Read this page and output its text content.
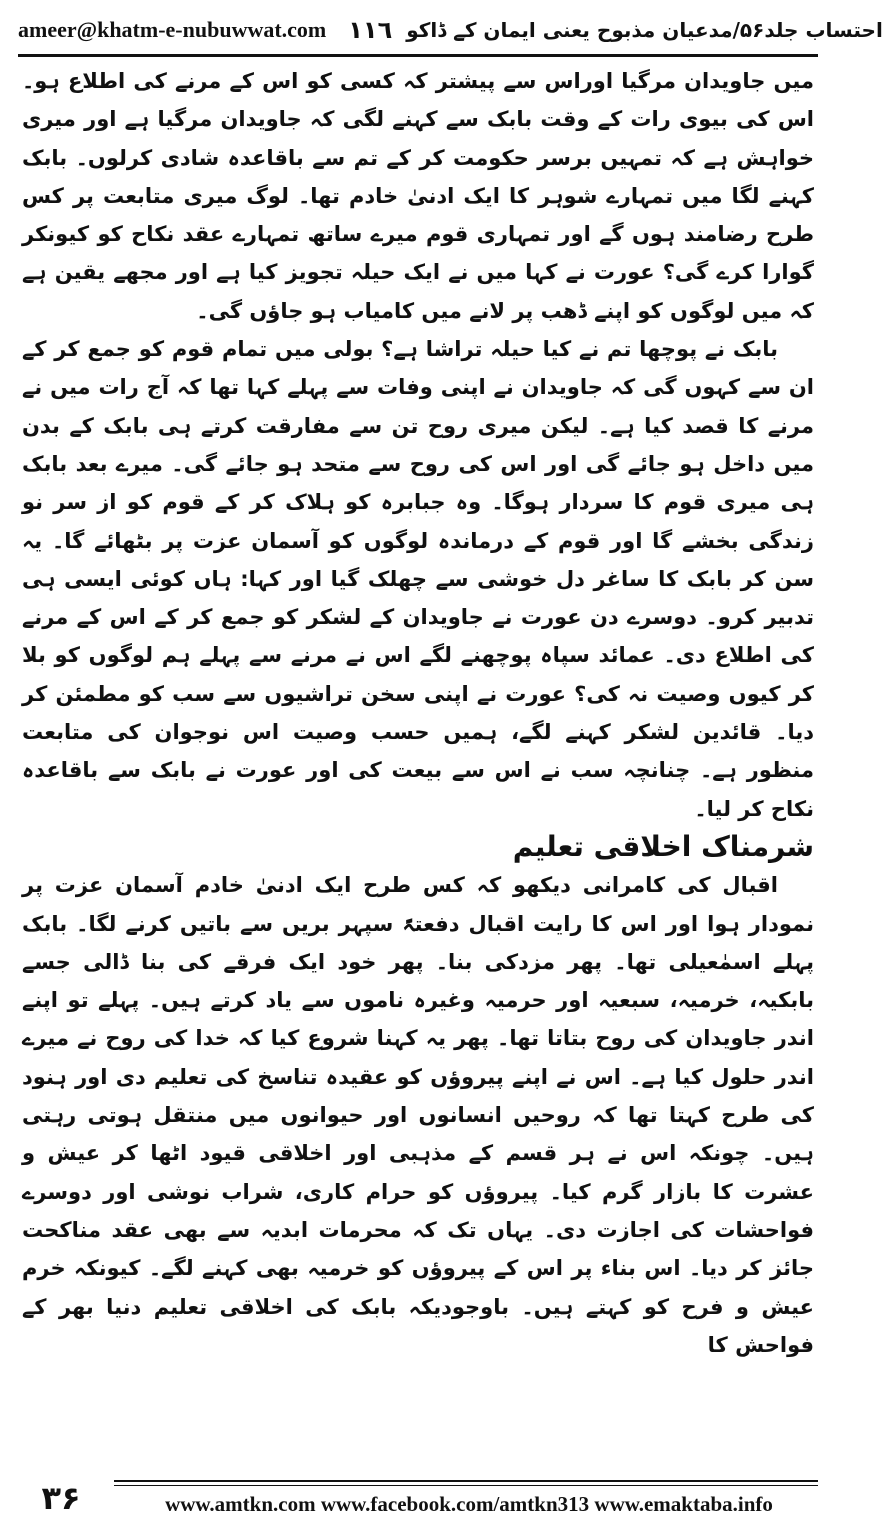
ameer@khatm-e-nubuwwat.com ١١٦ احتساب جلد۵۶/مدعیان مذبوح یعنی ایمان کے ڈاکو

میں جاویدان مرگیا اوراس سے پیشتر کہ کسی کو اس کے مرنے کی اطلاع ہو۔ اس کی بیوی رات کے وقت بابک سے کہنے لگی کہ جاویدان مرگیا ہے اور میری خواہش ہے کہ تمہیں برسر حکومت کر کے تم سے باقاعدہ شادی کرلوں۔ بابک کہنے لگا میں تمہارے شوہر کا ایک ادنیٰ خادم تھا۔ لوگ میری متابعت پر کس طرح رضامند ہوں گے اور تمہاری قوم میرے ساتھ تمہارے عقد نکاح کو کیونکر گوارا کرے گی؟ عورت نے کہا میں نے ایک حیلہ تجویز کیا ہے اور مجھے یقین ہے کہ میں لوگوں کو اپنے ڈھب پر لانے میں کامیاب ہو جاؤں گی۔

بابک نے پوچھا تم نے کیا حیلہ تراشا ہے؟ بولی میں تمام قوم کو جمع کر کے ان سے کہوں گی کہ جاویدان نے اپنی وفات سے پہلے کہا تھا کہ آج رات میں نے مرنے کا قصد کیا ہے۔ لیکن میری روح تن سے مفارقت کرتے ہی بابک کے بدن میں داخل ہو جائے گی اور اس کی روح سے متحد ہو جائے گی۔ میرے بعد بابک ہی میری قوم کا سردار ہوگا۔ وہ جبابرہ کو ہلاک کر کے قوم کو از سر نو زندگی بخشے گا اور قوم کے درماندہ لوگوں کو آسمان عزت پر بٹھائے گا۔ یہ سن کر بابک کا ساغر دل خوشی سے چھلک گیا اور کہا: ہاں کوئی ایسی ہی تدبیر کرو۔ دوسرے دن عورت نے جاویدان کے لشکر کو جمع کر کے اس کے مرنے کی اطلاع دی۔ عمائد سپاہ پوچھنے لگے اس نے مرنے سے پہلے ہم لوگوں کو بلا کر کیوں وصیت نہ کی؟ عورت نے اپنی سخن تراشیوں سے سب کو مطمئن کر دیا۔ قائدین لشکر کہنے لگے، ہمیں حسب وصیت اس نوجوان کی متابعت منظور ہے۔ چنانچہ سب نے اس سے بیعت کی اور عورت نے بابک سے باقاعدہ نکاح کر لیا۔

شرمناک اخلاقی تعلیم

اقبال کی کامرانی دیکھو کہ کس طرح ایک ادنیٰ خادم آسمان عزت پر نمودار ہوا اور اس کا رایت اقبال دفعتہً سپہر بریں سے باتیں کرنے لگا۔ بابک پہلے اسمٰعیلی تھا۔ پھر مزدکی بنا۔ پھر خود ایک فرقے کی بنا ڈالی جسے بابکیہ، خرمیہ، سبعیہ اور حرمیہ وغیرہ ناموں سے یاد کرتے ہیں۔ پہلے تو اپنے اندر جاویدان کی روح بتاتا تھا۔ پھر یہ کہنا شروع کیا کہ خدا کی روح نے میرے اندر حلول کیا ہے۔ اس نے اپنے پیروؤں کو عقیدہ تناسخ کی تعلیم دی اور ہنود کی طرح کہتا تھا کہ روحیں انسانوں اور حیوانوں میں منتقل ہوتی رہتی ہیں۔ چونکہ اس نے ہر قسم کے مذہبی اور اخلاقی قیود اٹھا کر عیش و عشرت کا بازار گرم کیا۔ پیروؤں کو حرام کاری، شراب نوشی اور دوسرے فواحشات کی اجازت دی۔ یہاں تک کہ محرمات ابدیہ سے بھی عقد مناکحت جائز کر دیا۔ اس بناء پر اس کے پیروؤں کو خرمیہ بھی کہنے لگے۔ کیونکہ خرم عیش و فرح کو کہتے ہیں۔ باوجودیکہ بابک کی اخلاقی تعلیم دنیا بھر کے فواحش کا

۳۶	www.amtkn.com www.facebook.com/amtkn313 www.emaktaba.info
